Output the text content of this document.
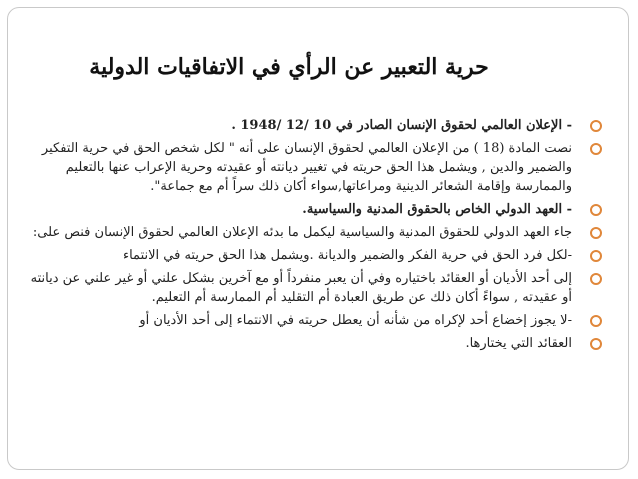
حرية التعبير عن الرأي في الاتفاقيات الدولية
- الإعلان العالمي لحقوق الإنسان الصادر في 10 /12 /1948 .
نصت المادة (18 ) من الإعلان العالمي لحقوق الإنسان على أنه " لكل شخص الحق في حرية التفكير والضمير والدين , ويشمل هذا الحق حريته في تغيير ديانته أو عقيدته وحرية الإعراب عنها بالتعليم والممارسة وإقامة الشعائر الدينية ومراعاتها,سواء أكان ذلك سراً أم مع جماعة".
- العهد الدولي الخاص بالحقوق المدنية والسياسية.
جاء العهد الدولي للحقوق المدنية والسياسية ليكمل ما بدئه الإعلان العالمي لحقوق الإنسان فنص على:
-لكل فرد الحق في حرية الفكر والضمير والديانة .ويشمل هذا الحق حريته في الانتماء
إلى أحد الأديان أو العقائد باختياره وفي أن يعبر منفرداً أو مع آخرين بشكل علني أو غير علني عن ديانته أو عقيدته , سواءً أكان ذلك عن طريق العبادة أم التقليد أم الممارسة أم التعليم.
-لا يجوز إخضاع أحد لإكراه من شأنه أن يعطل حريته في الانتماء إلى أحد الأديان أو
العقائد التي يختارها.
